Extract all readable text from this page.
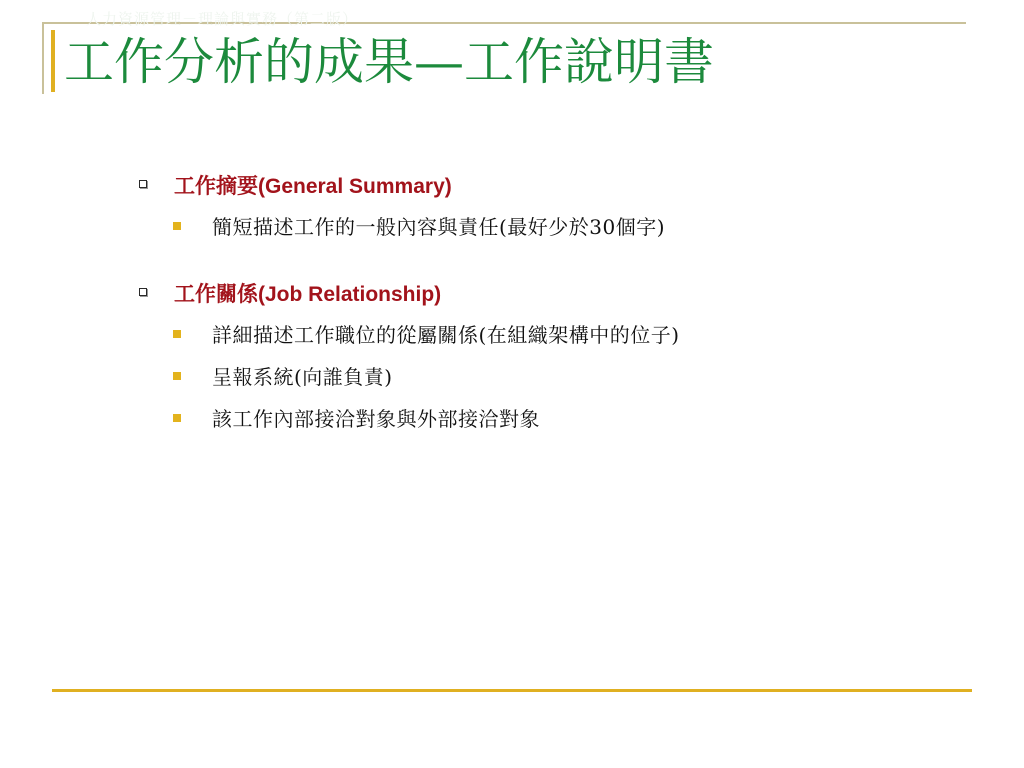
人力資源管理－理論與實務（第二版）
工作分析的成果—工作說明書
工作摘要(General Summary)
簡短描述工作的一般內容與責任(最好少於30個字)
工作關係(Job Relationship)
詳細描述工作職位的從屬關係(在組織架構中的位子)
呈報系統(向誰負責)
該工作內部接洽對象與外部接洽對象
